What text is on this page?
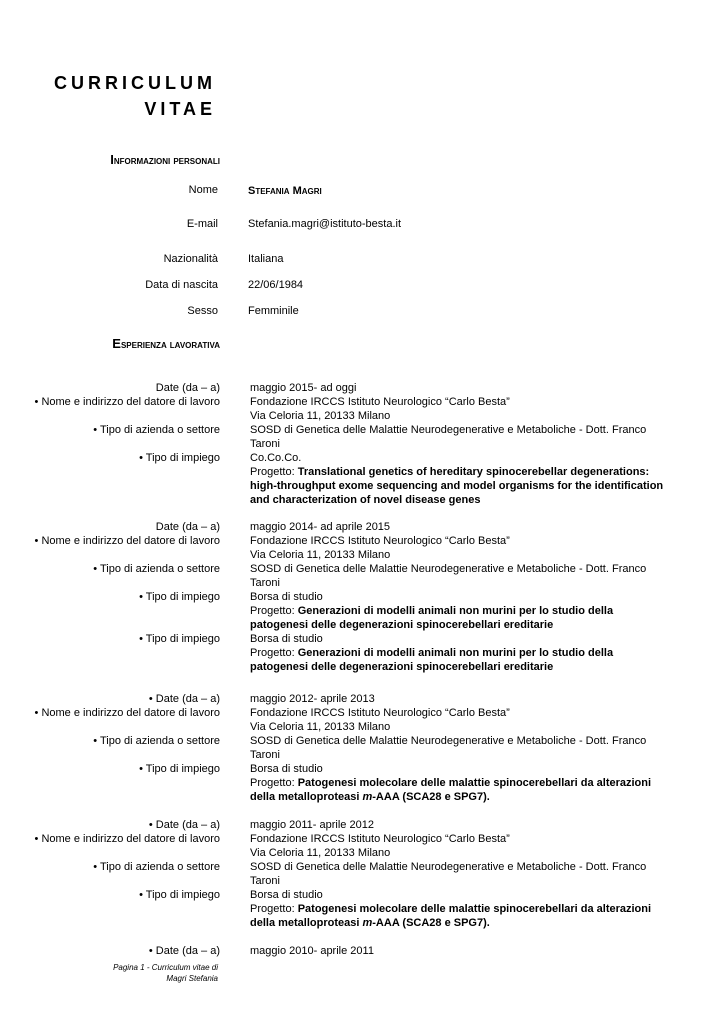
CURRICULUM
VITAE
Informazioni personali
Nome	Stefania Magri
E-mail	Stefania.magri@istituto-besta.it
Nazionalità	Italiana
Data di nascita	22/06/1984
Sesso	Femminile
Esperienza lavorativa
Date (da – a)	maggio 2015- ad oggi
• Nome e indirizzo del datore di lavoro	Fondazione IRCCS Istituto Neurologico “Carlo Besta”
Via Celoria 11, 20133 Milano
• Tipo di azienda o settore	SOSD di Genetica delle Malattie Neurodegenerative e Metaboliche - Dott. Franco Taroni
• Tipo di impiego	Co.Co.Co.
Progetto: Translational genetics of hereditary spinocerebellar degenerations: high-throughput exome sequencing and model organisms for the identification and characterization of novel disease genes
Date (da – a)	maggio 2014- ad aprile 2015
• Nome e indirizzo del datore di lavoro	Fondazione IRCCS Istituto Neurologico “Carlo Besta”
Via Celoria 11, 20133 Milano
• Tipo di azienda o settore	SOSD di Genetica delle Malattie Neurodegenerative e Metaboliche - Dott. Franco Taroni
• Tipo di impiego	Borsa di studio
Progetto: Generazioni di modelli animali non murini per lo studio della patogenesi delle degenerazioni spinocerebellari ereditarie
• Tipo di impiego	Borsa di studio
Progetto: Generazioni di modelli animali non murini per lo studio della patogenesi delle degenerazioni spinocerebellari ereditarie
• Date (da – a)	maggio 2012- aprile 2013
• Nome e indirizzo del datore di lavoro	Fondazione IRCCS Istituto Neurologico “Carlo Besta”
Via Celoria 11, 20133 Milano
• Tipo di azienda o settore	SOSD di Genetica delle Malattie Neurodegenerative e Metaboliche - Dott. Franco Taroni
• Tipo di impiego	Borsa di studio
Progetto: Patogenesi molecolare delle malattie spinocerebellari da alterazioni della metalloproteasi m-AAA (SCA28 e SPG7).
• Date (da – a)	maggio 2011- aprile 2012
• Nome e indirizzo del datore di lavoro	Fondazione IRCCS Istituto Neurologico “Carlo Besta”
Via Celoria 11, 20133 Milano
• Tipo di azienda o settore	SOSD di Genetica delle Malattie Neurodegenerative e Metaboliche - Dott. Franco Taroni
• Tipo di impiego	Borsa di studio
Progetto: Patogenesi molecolare delle malattie spinocerebellari da alterazioni della metalloproteasi m-AAA (SCA28 e SPG7).
• Date (da – a)	maggio 2010- aprile 2011
Pagina 1 - Curriculum vitae di
Magri Stefania
